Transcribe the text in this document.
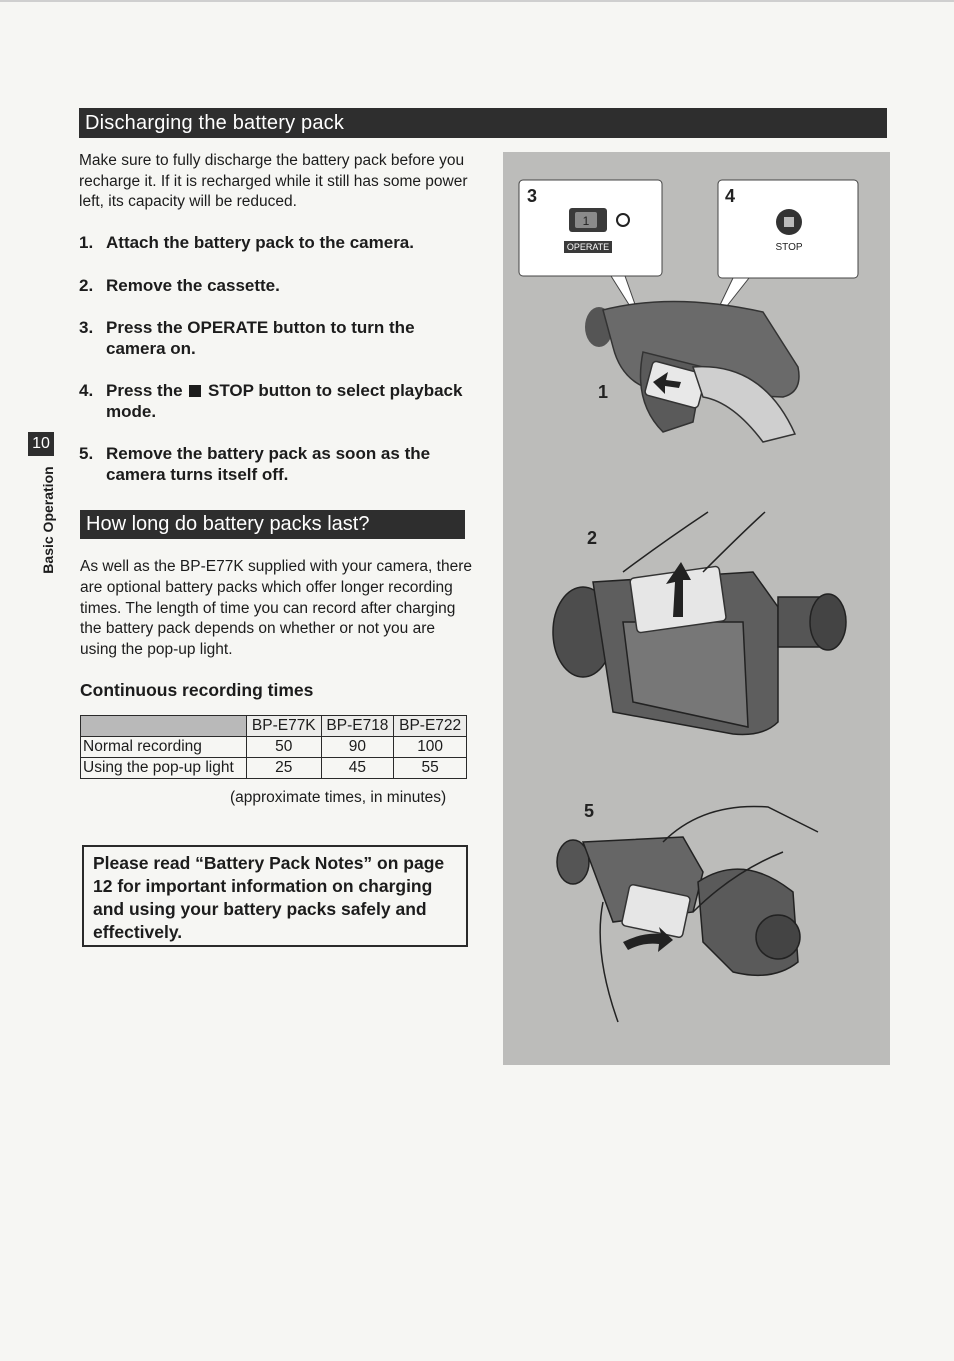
Discharging the battery pack

Make sure to fully discharge the battery pack before you recharge it. If it is recharged while it still has some power left, its capacity will be reduced.

1. Attach the battery pack to the camera.
2. Remove the cassette.
3. Press the OPERATE button to turn the camera on.
4. Press the STOP button to select playback mode.
5. Remove the battery pack as soon as the camera turns itself off.
10
Basic Operation How long do battery packs last?

As well as the BP-E77K supplied with your camera, there are optional battery packs which offer longer recording times. The length of time you can record after charging the battery pack depends on whether or not you are using the pop-up light.

Continuous recording times
	BP-E77K	BP-E718	BP-E722
Normal recording	50	90	100
Using the pop-up light	25	45	55
(approximate times, in minutes)
Please read “Battery Pack Notes” on page 12 for important information on charging and using your battery packs safely and effectively.
3
1
OPERATE
4
STOP
1
2
5
